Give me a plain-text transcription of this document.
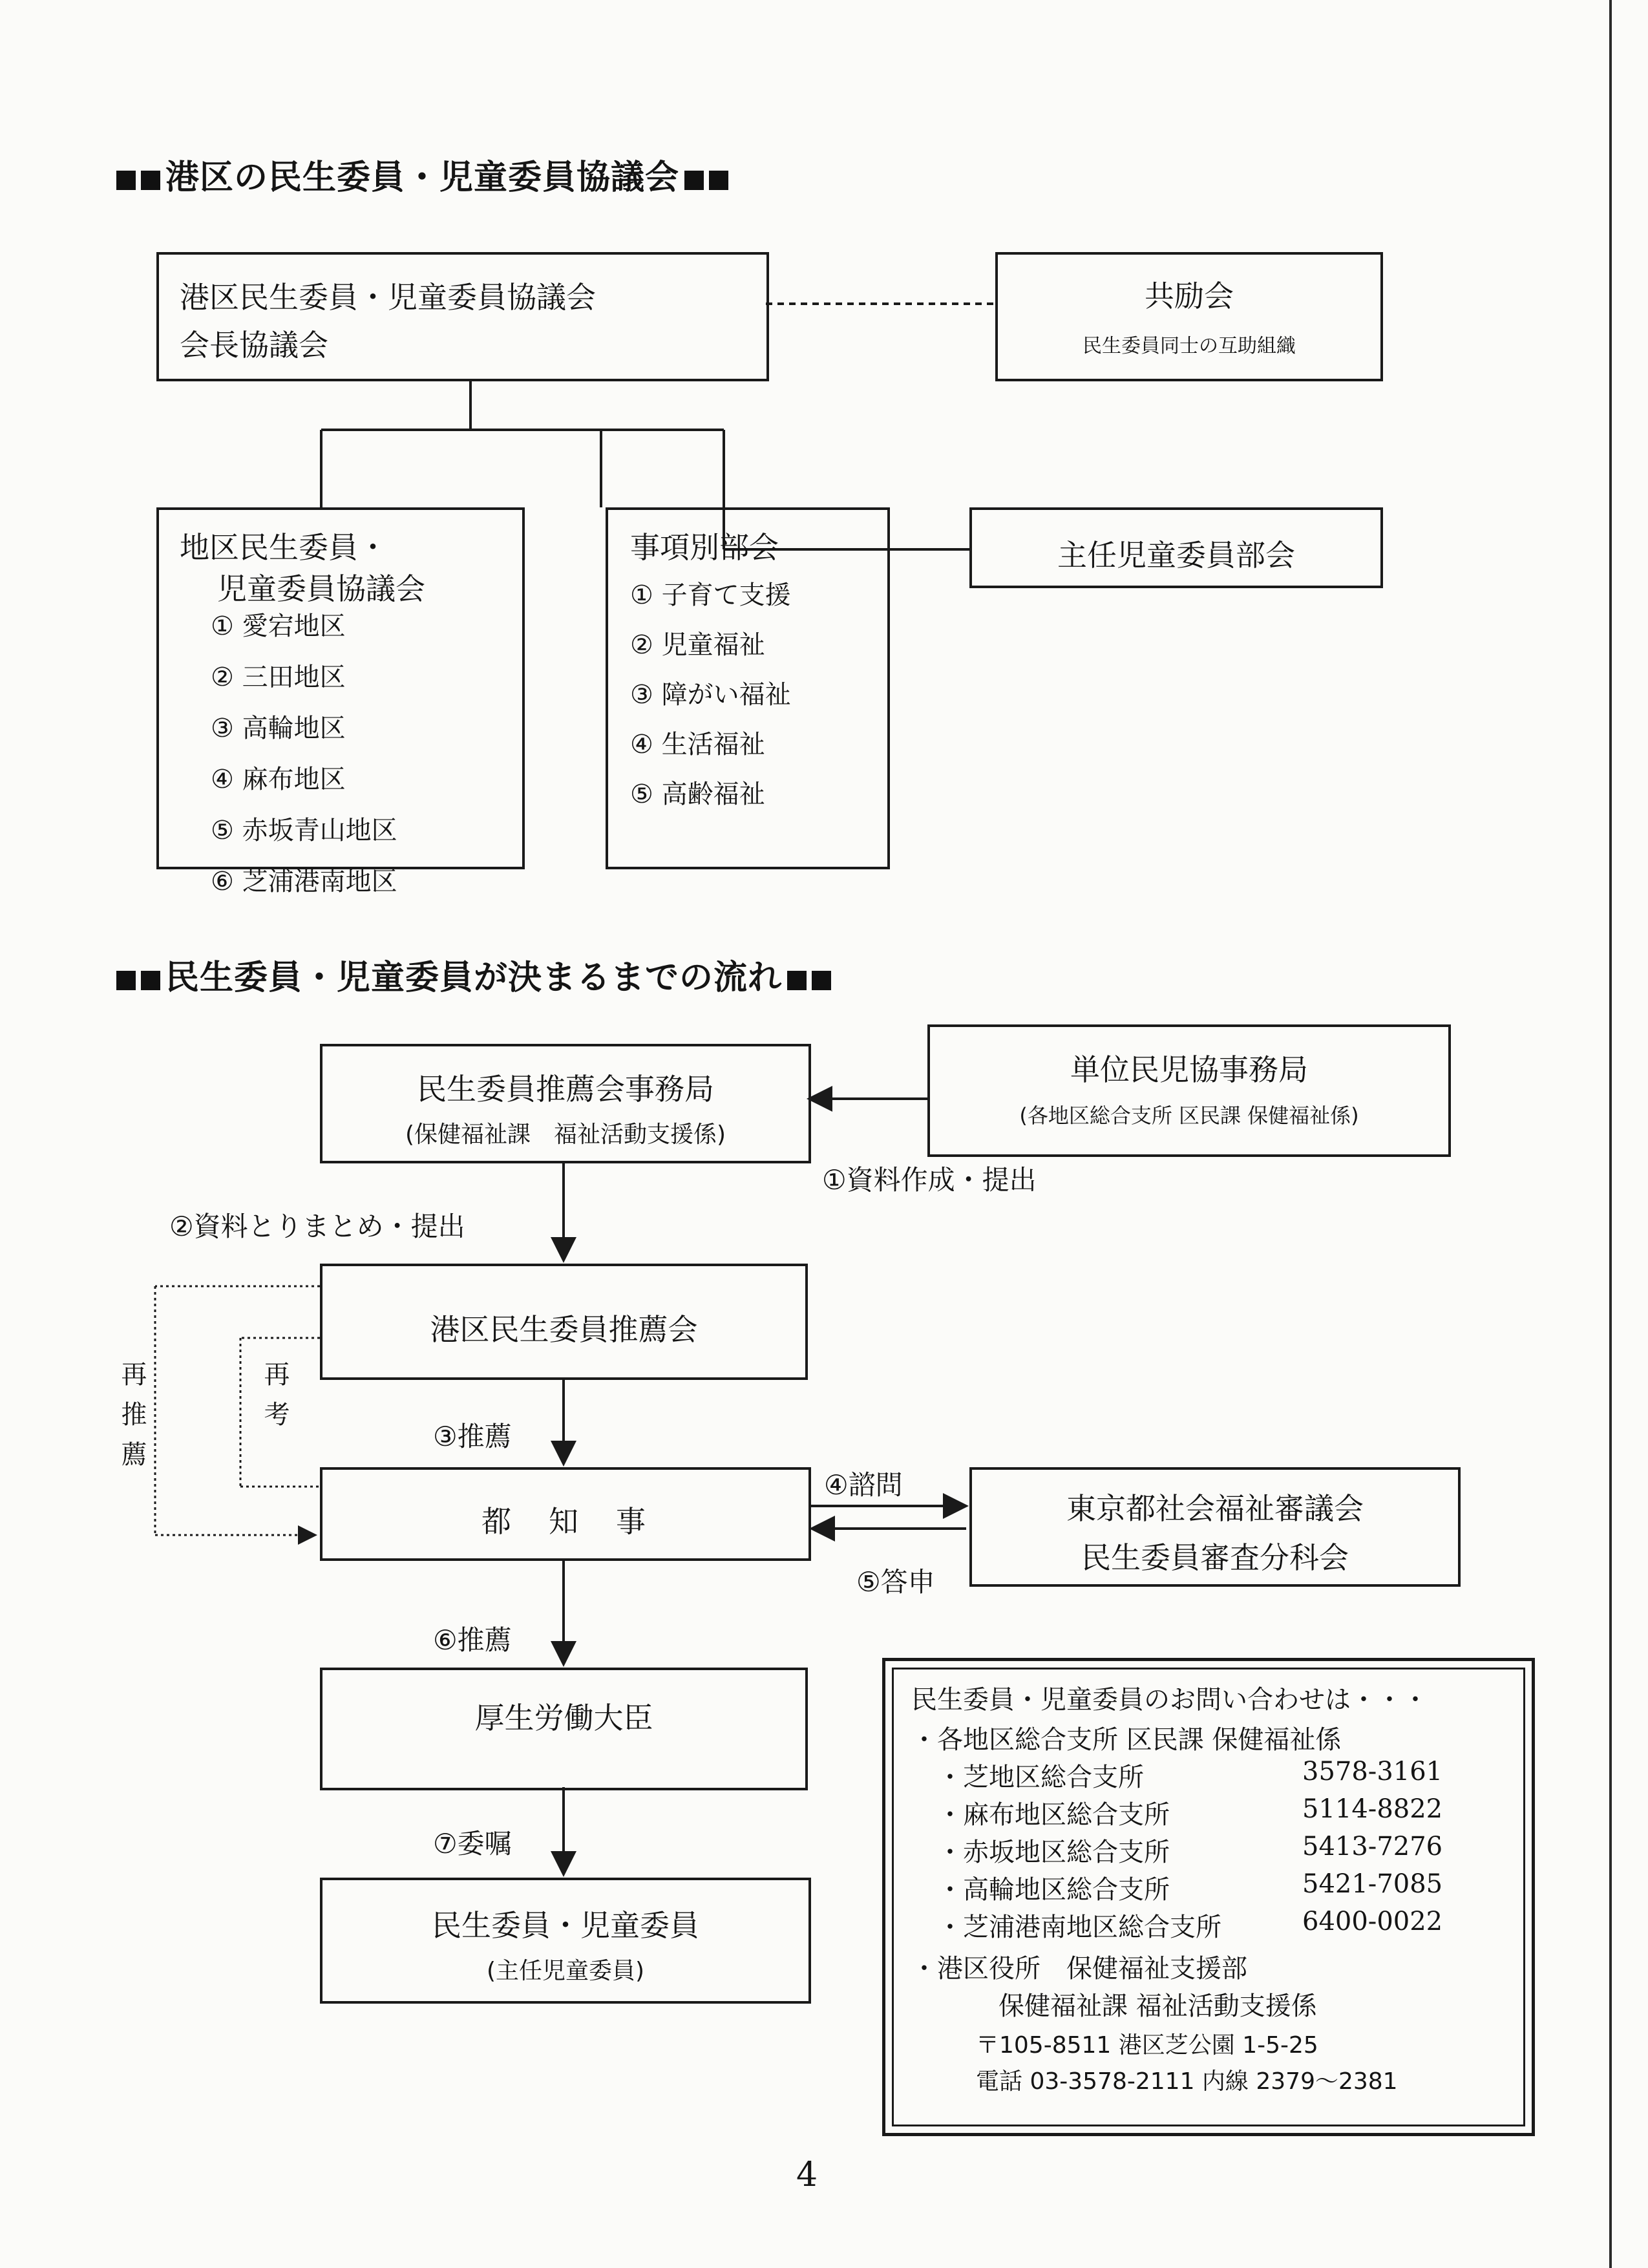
港区の民生委員・児童委員協議会
港区民生委員・児童委員協議会
会長協議会
共励会
民生委員同士の互助組織
地区民生委員・
児童委員協議会
① 愛宕地区
② 三田地区
③ 高輪地区
④ 麻布地区
⑤ 赤坂青山地区
⑥ 芝浦港南地区
事項別部会
① 子育て支援
② 児童福祉
③ 障がい福祉
④ 生活福祉
⑤ 高齢福祉
主任児童委員部会
民生委員・児童委員が決まるまでの流れ
民生委員推薦会事務局
(保健福祉課　福祉活動支援係)
単位民児協事務局
(各地区総合支所 区民課 保健福祉係)
①資料作成・提出
②資料とりまとめ・提出
港区民生委員推薦会
再推薦	再考	③推薦
都　知　事
④諮問
⑤答申
東京都社会福祉審議会
民生委員審査分科会
⑥推薦
厚生労働大臣
⑦委嘱
民生委員・児童委員
(主任児童委員)
民生委員・児童委員のお問い合わせは・・・
・各地区総合支所 区民課 保健福祉係
・芝地区総合支所	3578-3161
・麻布地区総合支所	5114-8822
・赤坂地区総合支所	5413-7276
・高輪地区総合支所	5421-7085
・芝浦港南地区総合支所	6400-0022
・港区役所　保健福祉支援部
保健福祉課 福祉活動支援係
〒105-8511 港区芝公園 1-5-25
電話 03-3578-2111 内線 2379～2381
4
